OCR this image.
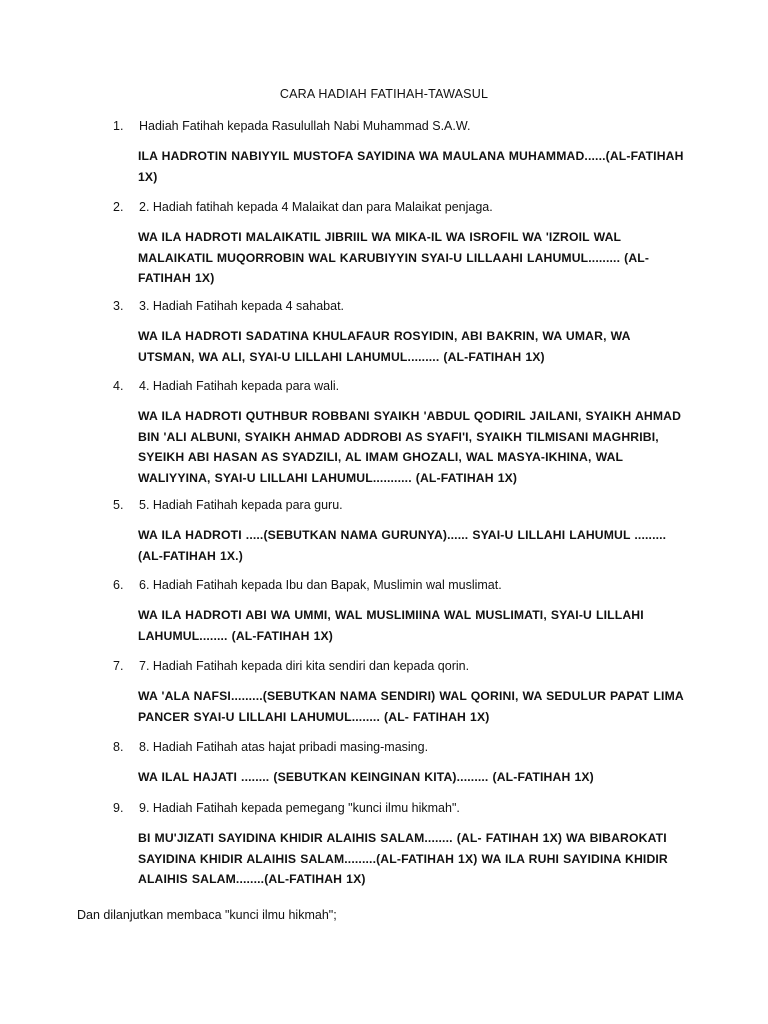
CARA HADIAH FATIHAH-TAWASUL
1. Hadiah Fatihah kepada Rasulullah Nabi Muhammad S.A.W.
ILA HADROTIN NABIYYIL MUSTOFA SAYIDINA WA MAULANA MUHAMMAD......(AL-FATIHAH 1X)
2. 2. Hadiah fatihah kepada 4 Malaikat dan para Malaikat penjaga.
WA ILA HADROTI MALAIKATIL JIBRIIL WA MIKA-IL WA ISROFIL WA 'IZROIL WAL MALAIKATIL MUQORROBIN WAL KARUBIYYIN SYAI-U LILLAAHI LAHUMUL......... (AL-FATIHAH 1X)
3. 3. Hadiah Fatihah kepada 4 sahabat.
WA ILA HADROTI SADATINA KHULAFAUR ROSYIDIN, ABI BAKRIN, WA UMAR, WA UTSMAN, WA ALI, SYAI-U LILLAHI LAHUMUL......... (AL-FATIHAH 1X)
4. 4. Hadiah Fatihah kepada para wali.
WA ILA HADROTI QUTHBUR ROBBANI SYAIKH 'ABDUL QODIRIL JAILANI, SYAIKH AHMAD BIN 'ALI ALBUNI, SYAIKH AHMAD ADDROBI AS SYAFI'I, SYAIKH TILMISANI MAGHRIBI, SYEIKH ABI HASAN AS SYADZILI, AL IMAM GHOZALI, WAL MASYA-IKHINA, WAL WALIYYINA, SYAI-U LILLAHI LAHUMUL........... (AL-FATIHAH 1X)
5. 5. Hadiah Fatihah kepada para guru.
WA ILA HADROTI .....(SEBUTKAN NAMA GURUNYA)...... SYAI-U LILLAHI LAHUMUL ......... (AL-FATIHAH 1X.)
6. 6. Hadiah Fatihah kepada Ibu dan Bapak, Muslimin wal muslimat.
WA ILA HADROTI ABI WA UMMI, WAL MUSLIMIINA WAL MUSLIMATI, SYAI-U LILLAHI LAHUMUL........ (AL-FATIHAH 1X)
7. 7. Hadiah Fatihah kepada diri kita sendiri dan kepada qorin.
WA 'ALA NAFSI.........(SEBUTKAN NAMA SENDIRI) WAL QORINI, WA SEDULUR PAPAT LIMA PANCER SYAI-U LILLAHI LAHUMUL........ (AL- FATIHAH 1X)
8. 8. Hadiah Fatihah atas hajat pribadi masing-masing.
WA ILAL HAJATI ........ (SEBUTKAN KEINGINAN KITA)......... (AL-FATIHAH 1X)
9. 9. Hadiah Fatihah kepada pemegang "kunci ilmu hikmah".
BI MU'JIZATI SAYIDINA KHIDIR ALAIHIS SALAM........ (AL- FATIHAH 1X) WA BIBAROKATI SAYIDINA KHIDIR ALAIHIS SALAM.........(AL-FATIHAH 1X) WA ILA RUHI SAYIDINA KHIDIR ALAIHIS SALAM........(AL-FATIHAH 1X)
Dan dilanjutkan membaca "kunci ilmu hikmah";
